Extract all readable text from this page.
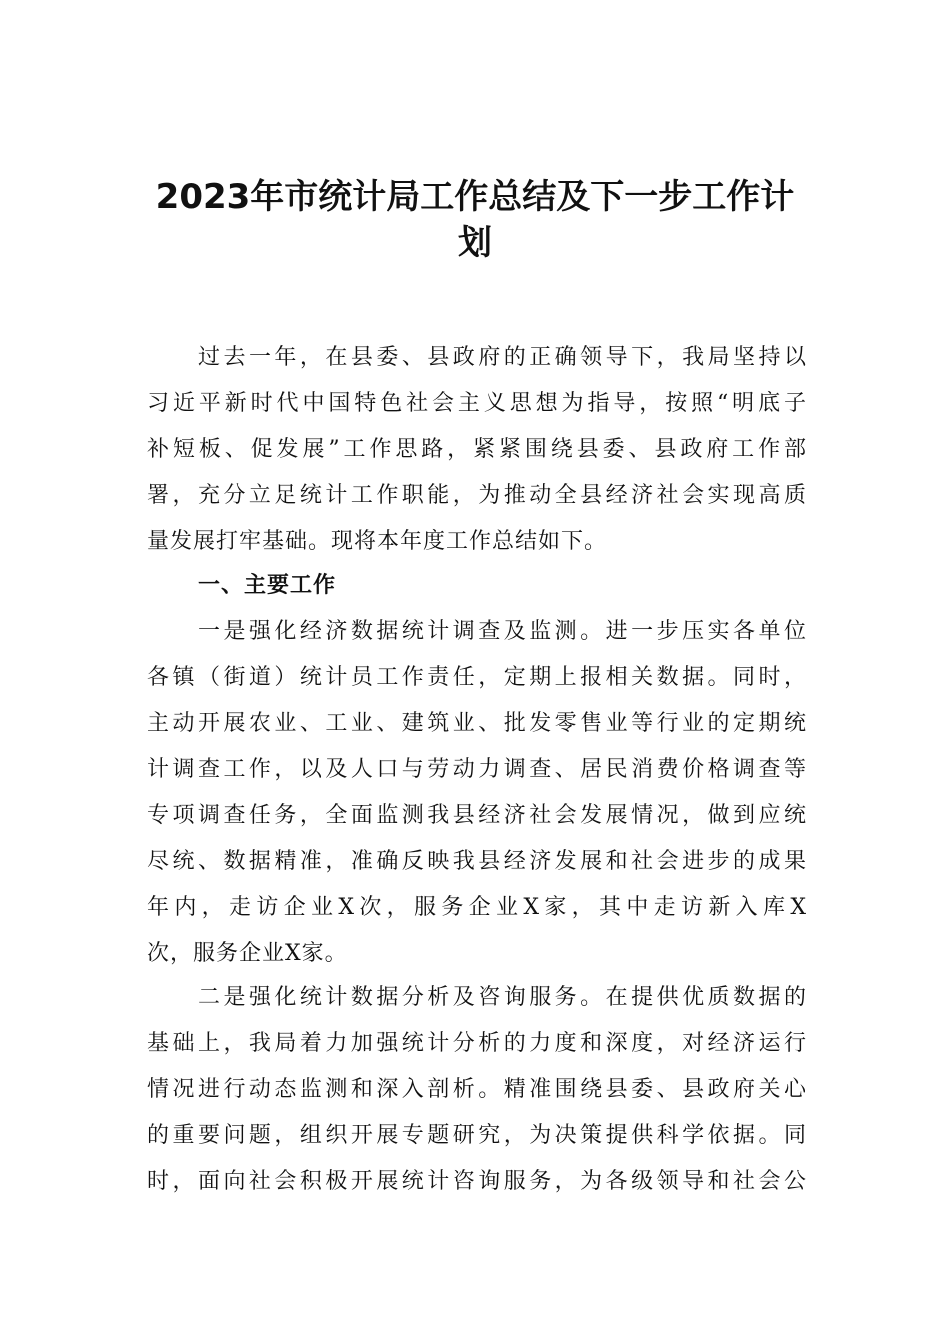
2023年市统计局工作总结及下一步工作计
划
过去一年，在县委、县政府的正确领导下，我局坚持以
习近平新时代中国特色社会主义思想为指导，按照“明底子
补短板、促发展”工作思路，紧紧围绕县委、县政府工作部
署，充分立足统计工作职能，为推动全县经济社会实现高质
量发展打牢基础。现将本年度工作总结如下。
一、主要工作
一是强化经济数据统计调查及监测。进一步压实各单位
各镇（街道）统计员工作责任，定期上报相关数据。同时，
主动开展农业、工业、建筑业、批发零售业等行业的定期统
计调查工作，以及人口与劳动力调查、居民消费价格调查等
专项调查任务，全面监测我县经济社会发展情况，做到应统
尽统、数据精准，准确反映我县经济发展和社会进步的成果
年内，走访企业X次，服务企业X家，其中走访新入库X
次，服务企业X家。
二是强化统计数据分析及咨询服务。在提供优质数据的
基础上，我局着力加强统计分析的力度和深度，对经济运行
情况进行动态监测和深入剖析。精准围绕县委、县政府关心
的重要问题，组织开展专题研究，为决策提供科学依据。同
时，面向社会积极开展统计咨询服务，为各级领导和社会公
